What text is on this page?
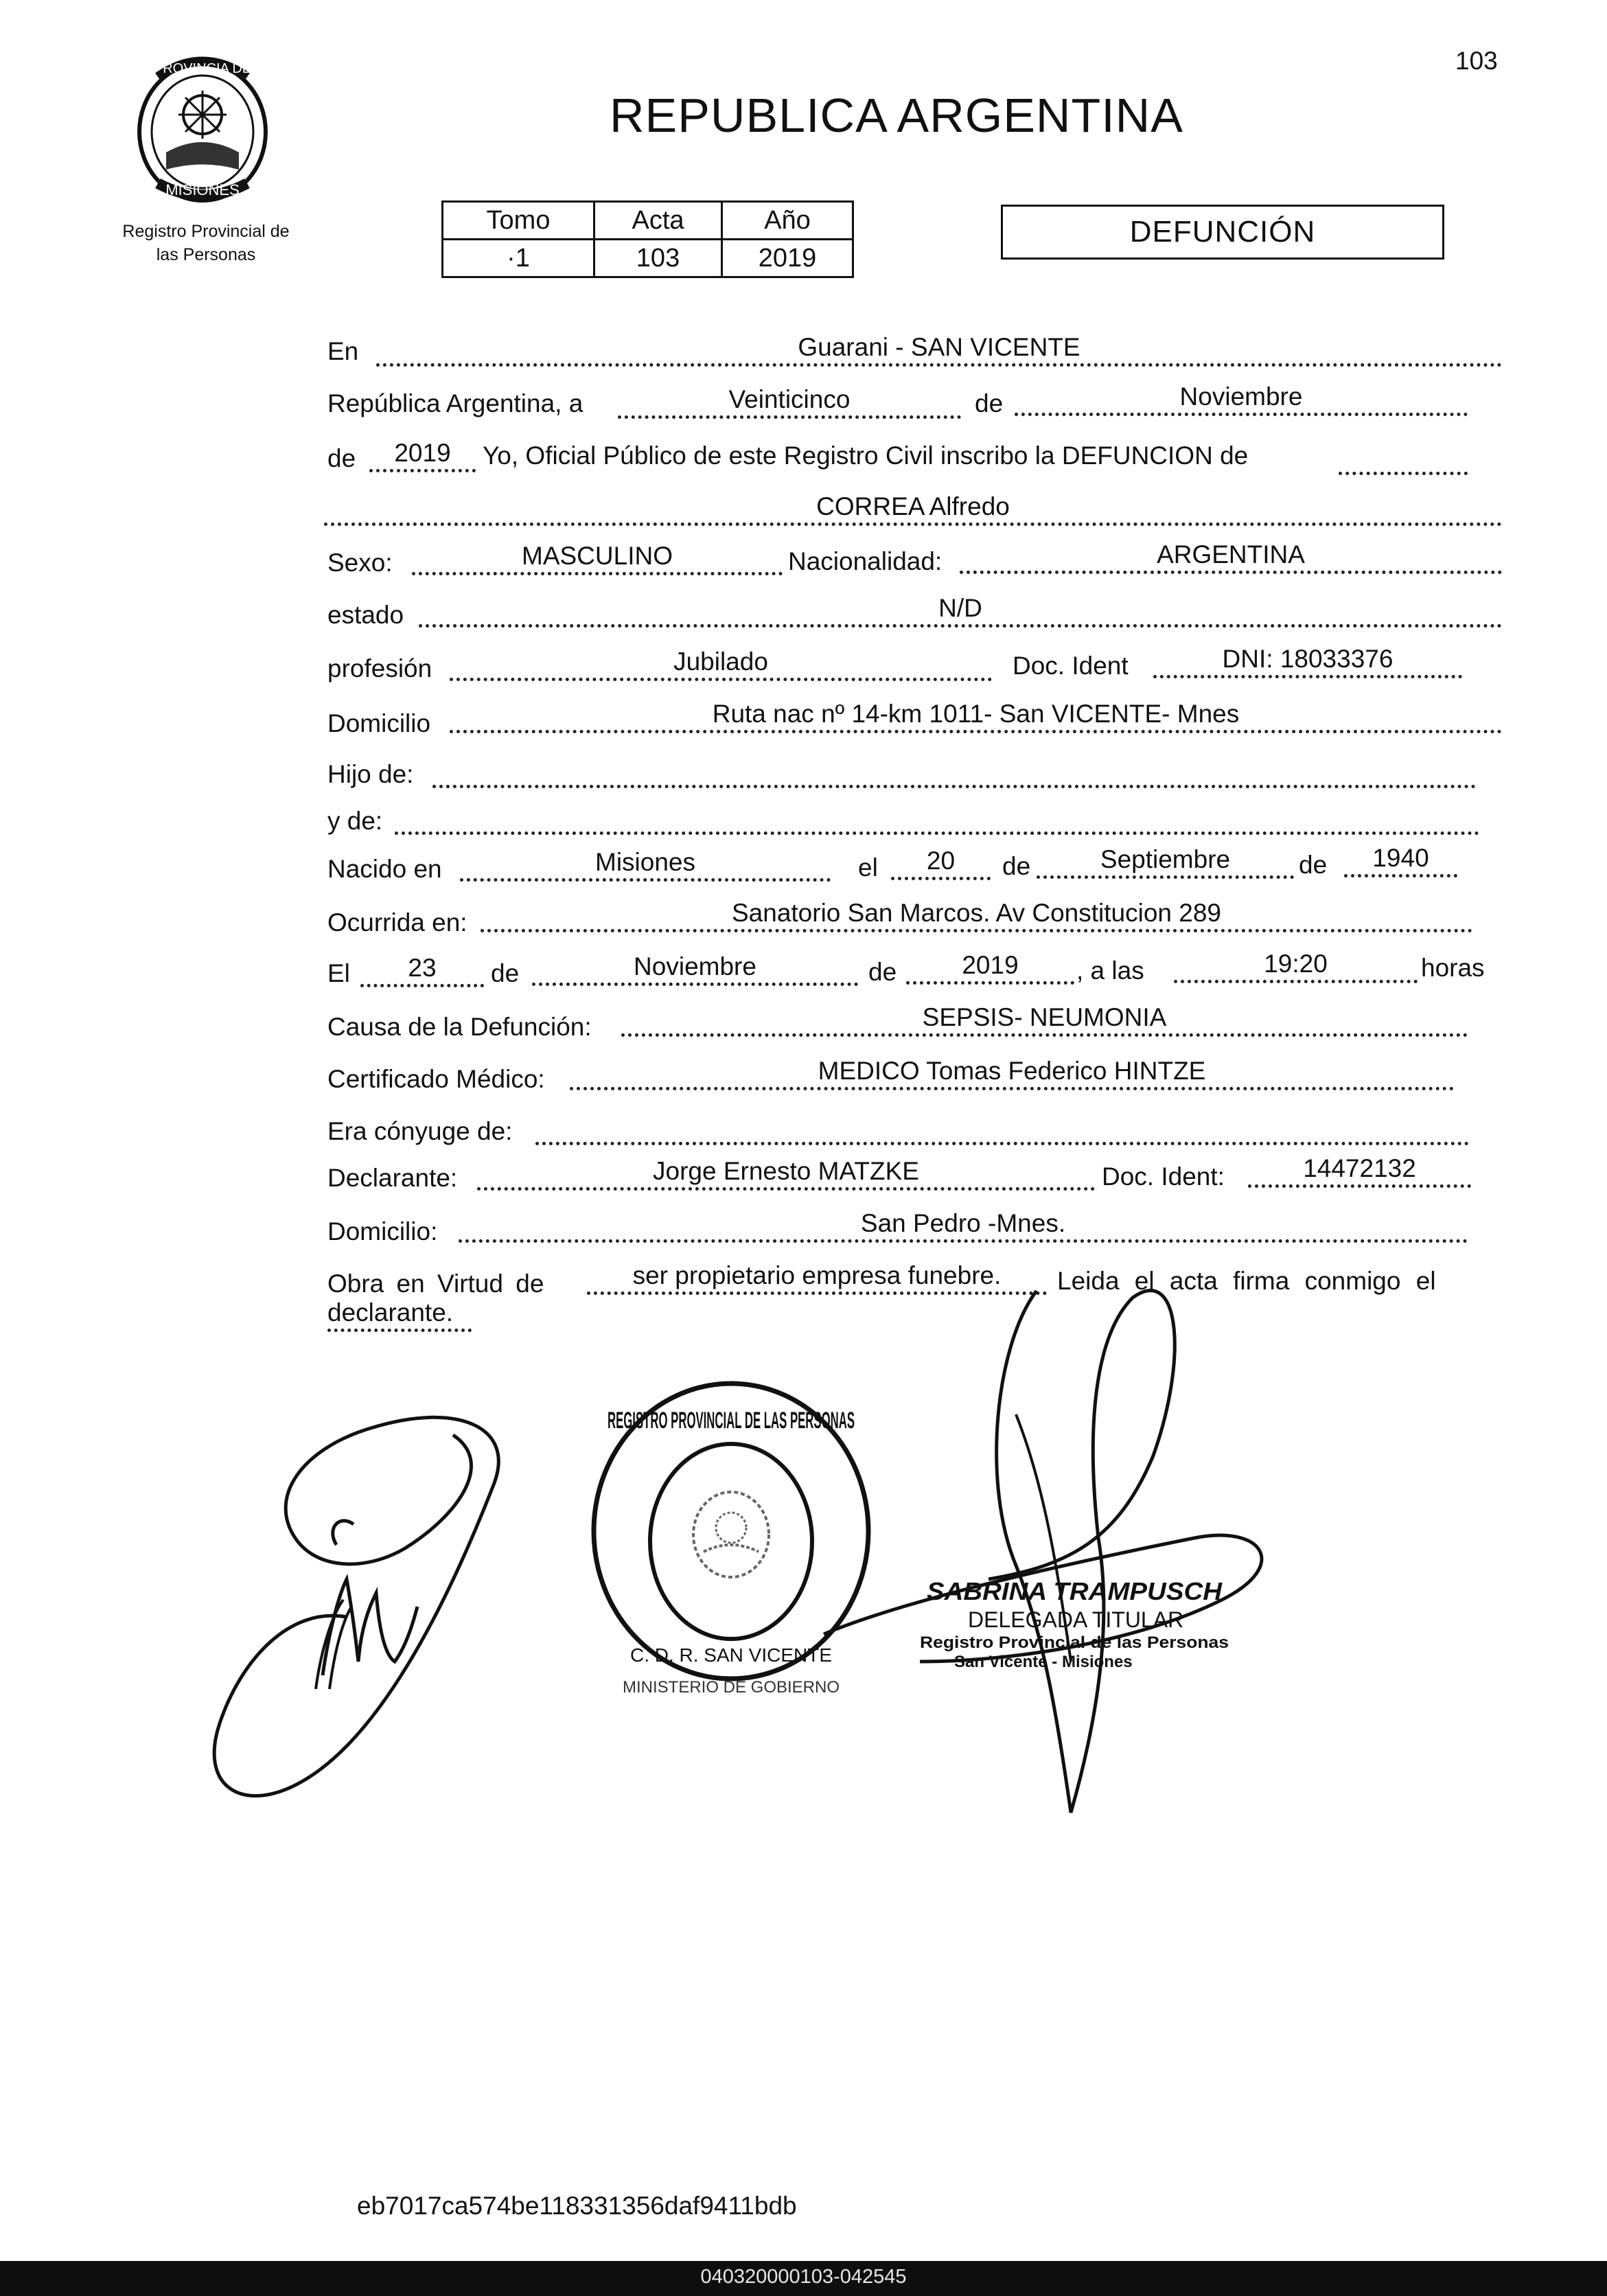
103
REPUBLICA ARGENTINA
PROVINCIA DE
MISIONES
Registro Provincial de
las Personas
Tomo	Acta	Año
·1	103	2019
DEFUNCIÓN
En	Guarani - SAN VICENTE
República Argentina, a	Veinticinco	de	Noviembre
de	2019	Yo, Oficial Público de este Registro Civil inscribo la DEFUNCION de
CORREA Alfredo
Sexo:	MASCULINO	Nacionalidad:	ARGENTINA
estado	N/D
profesión	Jubilado	Doc. Ident	DNI: 18033376
Domicilio	Ruta nac nº 14-km 1011- San VICENTE- Mnes
Hijo de:
y de:
Nacido en	Misiones	el	20	de	Septiembre	de	1940
Ocurrida en:	Sanatorio San Marcos. Av Constitucion 289
El	23	de	Noviembre	de	2019	, a las	19:20	horas
Causa de la Defunción:	SEPSIS- NEUMONIA
Certificado Médico:	MEDICO Tomas Federico HINTZE
Era cónyuge de:
Declarante:	Jorge Ernesto MATZKE	Doc. Ident:	14472132
Domicilio:	San Pedro -Mnes.
Obra en Virtud de	ser propietario empresa funebre.	Leida el acta firma conmigo el
declarante.
REGISTRO PROVINCIAL DE LAS PERSONAS
C. D. R. SAN VICENTE
MINISTERIO DE GOBIERNO
SABRINA TRAMPUSCH
DELEGADA TITULAR
Registro Provincial de las Personas
San Vicente - Misiones
eb7017ca574be118331356daf9411bdb
040320000103-042545
